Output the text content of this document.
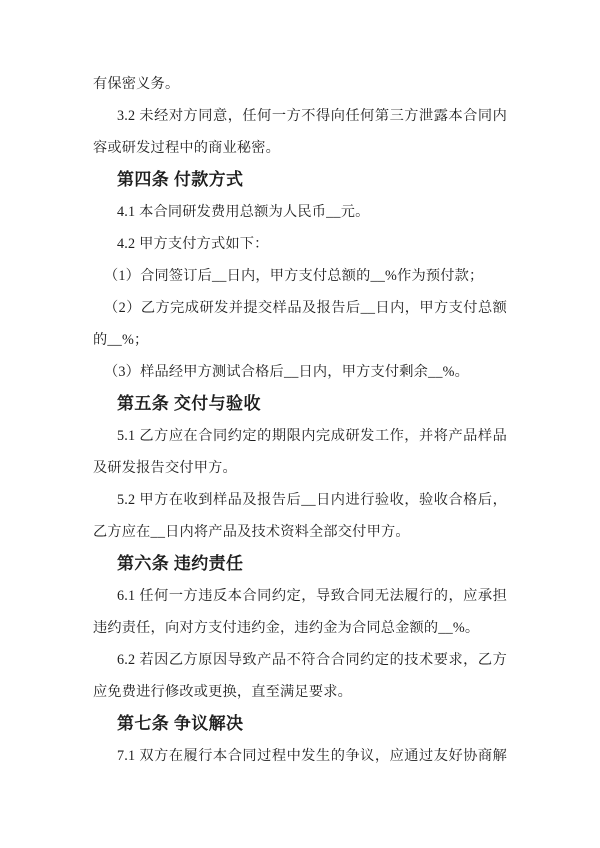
有保密义务。
3.2 未经对方同意，任何一方不得向任何第三方泄露本合同内
容或研发过程中的商业秘密。
第四条 付款方式
4.1 本合同研发费用总额为人民币__元。
4.2 甲方支付方式如下：
（1）合同签订后__日内，甲方支付总额的__%作为预付款；
（2）乙方完成研发并提交样品及报告后__日内，甲方支付总额
的__%；
（3）样品经甲方测试合格后__日内，甲方支付剩余__%。
第五条 交付与验收
5.1 乙方应在合同约定的期限内完成研发工作，并将产品样品
及研发报告交付甲方。
5.2 甲方在收到样品及报告后__日内进行验收，验收合格后，
乙方应在__日内将产品及技术资料全部交付甲方。
第六条 违约责任
6.1 任何一方违反本合同约定，导致合同无法履行的，应承担
违约责任，向对方支付违约金，违约金为合同总金额的__%。
6.2 若因乙方原因导致产品不符合合同约定的技术要求，乙方
应免费进行修改或更换，直至满足要求。
第七条 争议解决
7.1 双方在履行本合同过程中发生的争议，应通过友好协商解
